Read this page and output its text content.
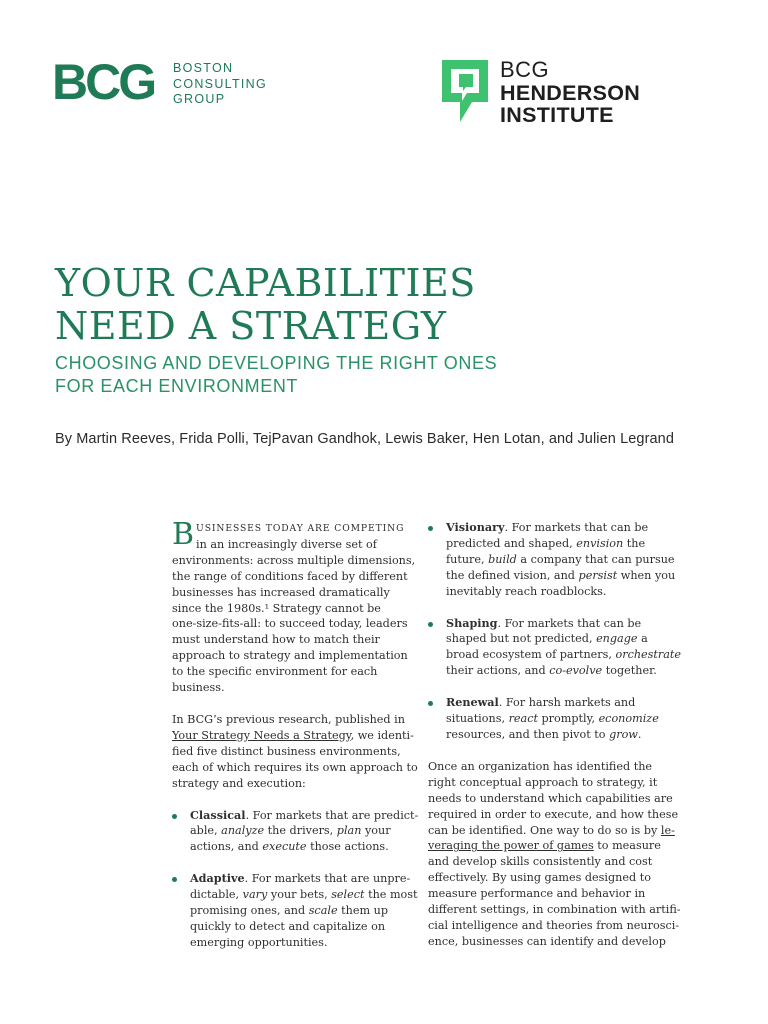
BCG BOSTON
CONSULTING
GROUP
BCG
HENDERSON
INSTITUTE
YOUR CAPABILITIES
NEED A STRATEGY
CHOOSING AND DEVELOPING THE RIGHT ONES
FOR EACH ENVIRONMENT
By Martin Reeves, Frida Polli, TejPavan Gandhok, Lewis Baker, Hen Lotan, and Julien Legrand

B USINESSES TODAY ARE COMPETING
in an increasingly diverse set of
environments: across multiple dimensions,
the range of conditions faced by different
businesses has increased dramatically
since the 1980s.¹ Strategy cannot be
one-size-fits-all: to succeed today, leaders
must understand how to match their
approach to strategy and implementation
to the specific environment for each
business.

In BCG’s previous research, published in
Your Strategy Needs a Strategy, we identi-
fied five distinct business environments,
each of which requires its own approach to
strategy and execution:

Classical. For markets that are predict-
able, analyze the drivers, plan your
actions, and execute those actions.
Adaptive. For markets that are unpre-
dictable, vary your bets, select the most
promising ones, and scale them up
quickly to detect and capitalize on
emerging opportunities.
Visionary. For markets that can be
predicted and shaped, envision the
future, build a company that can pursue
the defined vision, and persist when you
inevitably reach roadblocks.
Shaping. For markets that can be
shaped but not predicted, engage a
broad ecosystem of partners, orchestrate
their actions, and co-evolve together.
Renewal. For harsh markets and
situations, react promptly, economize
resources, and then pivot to grow.

Once an organization has identified the
right conceptual approach to strategy, it
needs to understand which capabilities are
required in order to execute, and how these
can be identified. One way to do so is by le-
veraging the power of games to measure
and develop skills consistently and cost
effectively. By using games designed to
measure performance and behavior in
different settings, in combination with artifi-
cial intelligence and theories from neurosci-
ence, businesses can identify and develop
